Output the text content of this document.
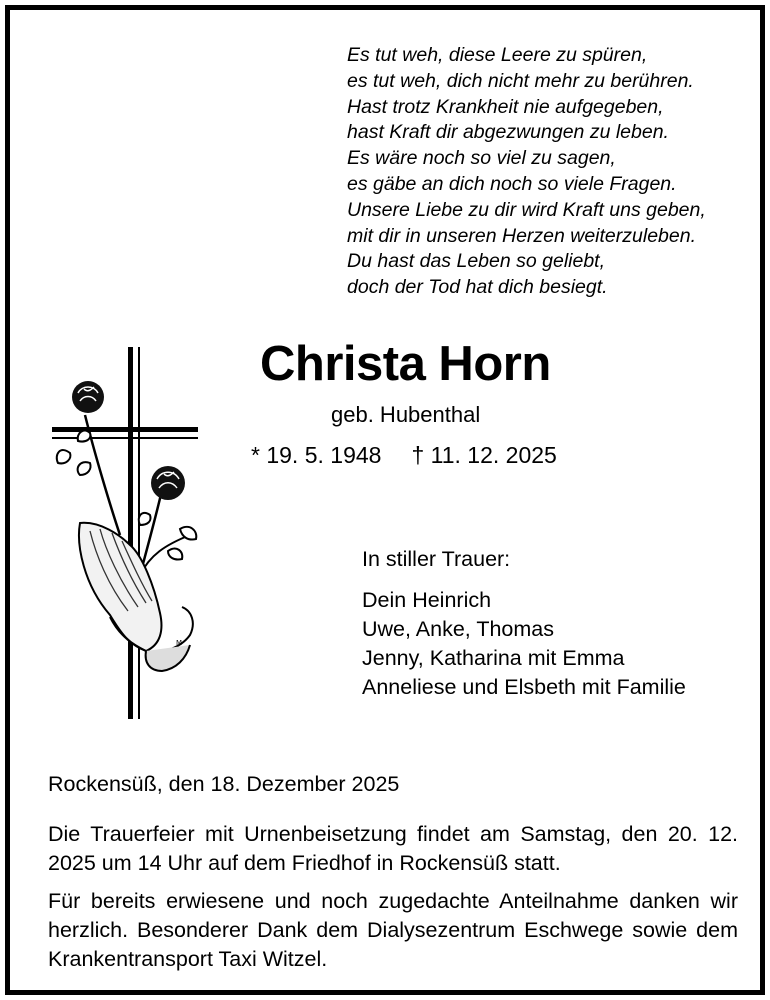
Es tut weh, diese Leere zu spüren,
es tut weh, dich nicht mehr zu berühren.
Hast trotz Krankheit nie aufgegeben,
hast Kraft dir abgezwungen zu leben.
Es wäre noch so viel zu sagen,
es gäbe an dich noch so viele Fragen.
Unsere Liebe zu dir wird Kraft uns geben,
mit dir in unseren Herzen weiterzuleben.
Du hast das Leben so geliebt,
doch der Tod hat dich besiegt.
M
Christa Horn
geb. Hubenthal
* 19. 5. 1948 † 11. 12. 2025
In stiller Trauer:
Dein Heinrich
Uwe, Anke, Thomas
Jenny, Katharina mit Emma
Anneliese und Elsbeth mit Familie
Rockensüß, den 18. Dezember 2025

Die Trauerfeier mit Urnenbeisetzung findet am Samstag, den 20. 12. 2025 um 14 Uhr auf dem Friedhof in Rockensüß statt.

Für bereits erwiesene und noch zugedachte Anteilnahme danken wir herzlich. Besonderer Dank dem Dialysezentrum Eschwege sowie dem Krankentransport Taxi Witzel.
